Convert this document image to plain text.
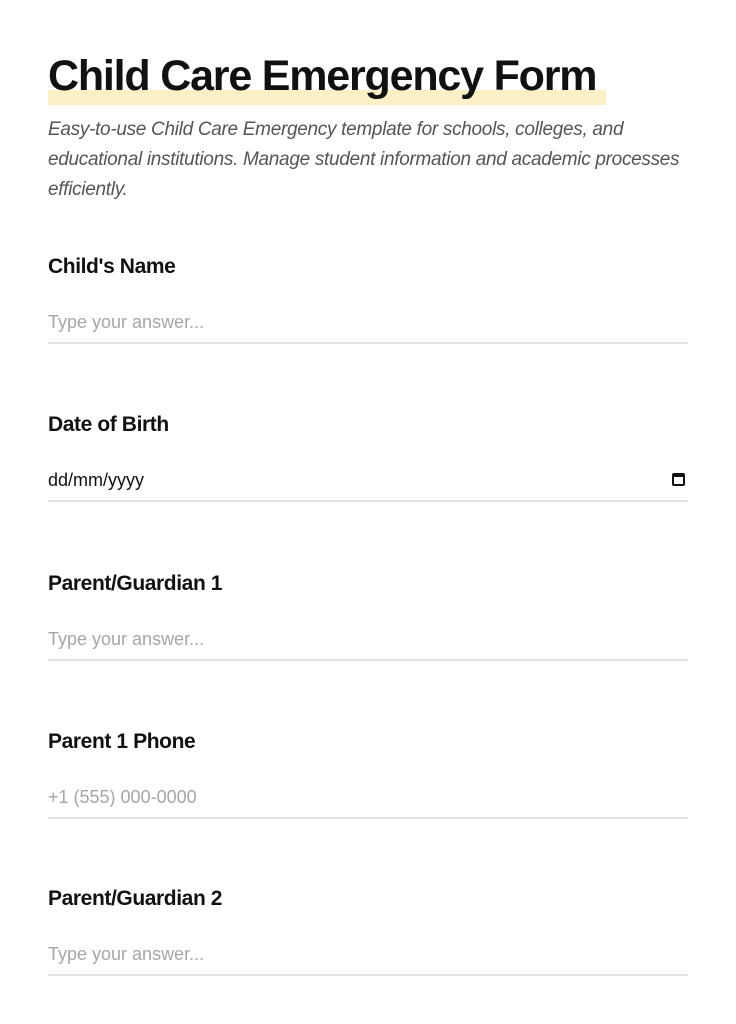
Child Care Emergency Form
Easy-to-use Child Care Emergency template for schools, colleges, and educational institutions. Manage student information and academic processes efficiently.
Child's Name
Type your answer...
Date of Birth
dd/mm/yyyy
Parent/Guardian 1
Type your answer...
Parent 1 Phone
+1 (555) 000-0000
Parent/Guardian 2
Type your answer...
